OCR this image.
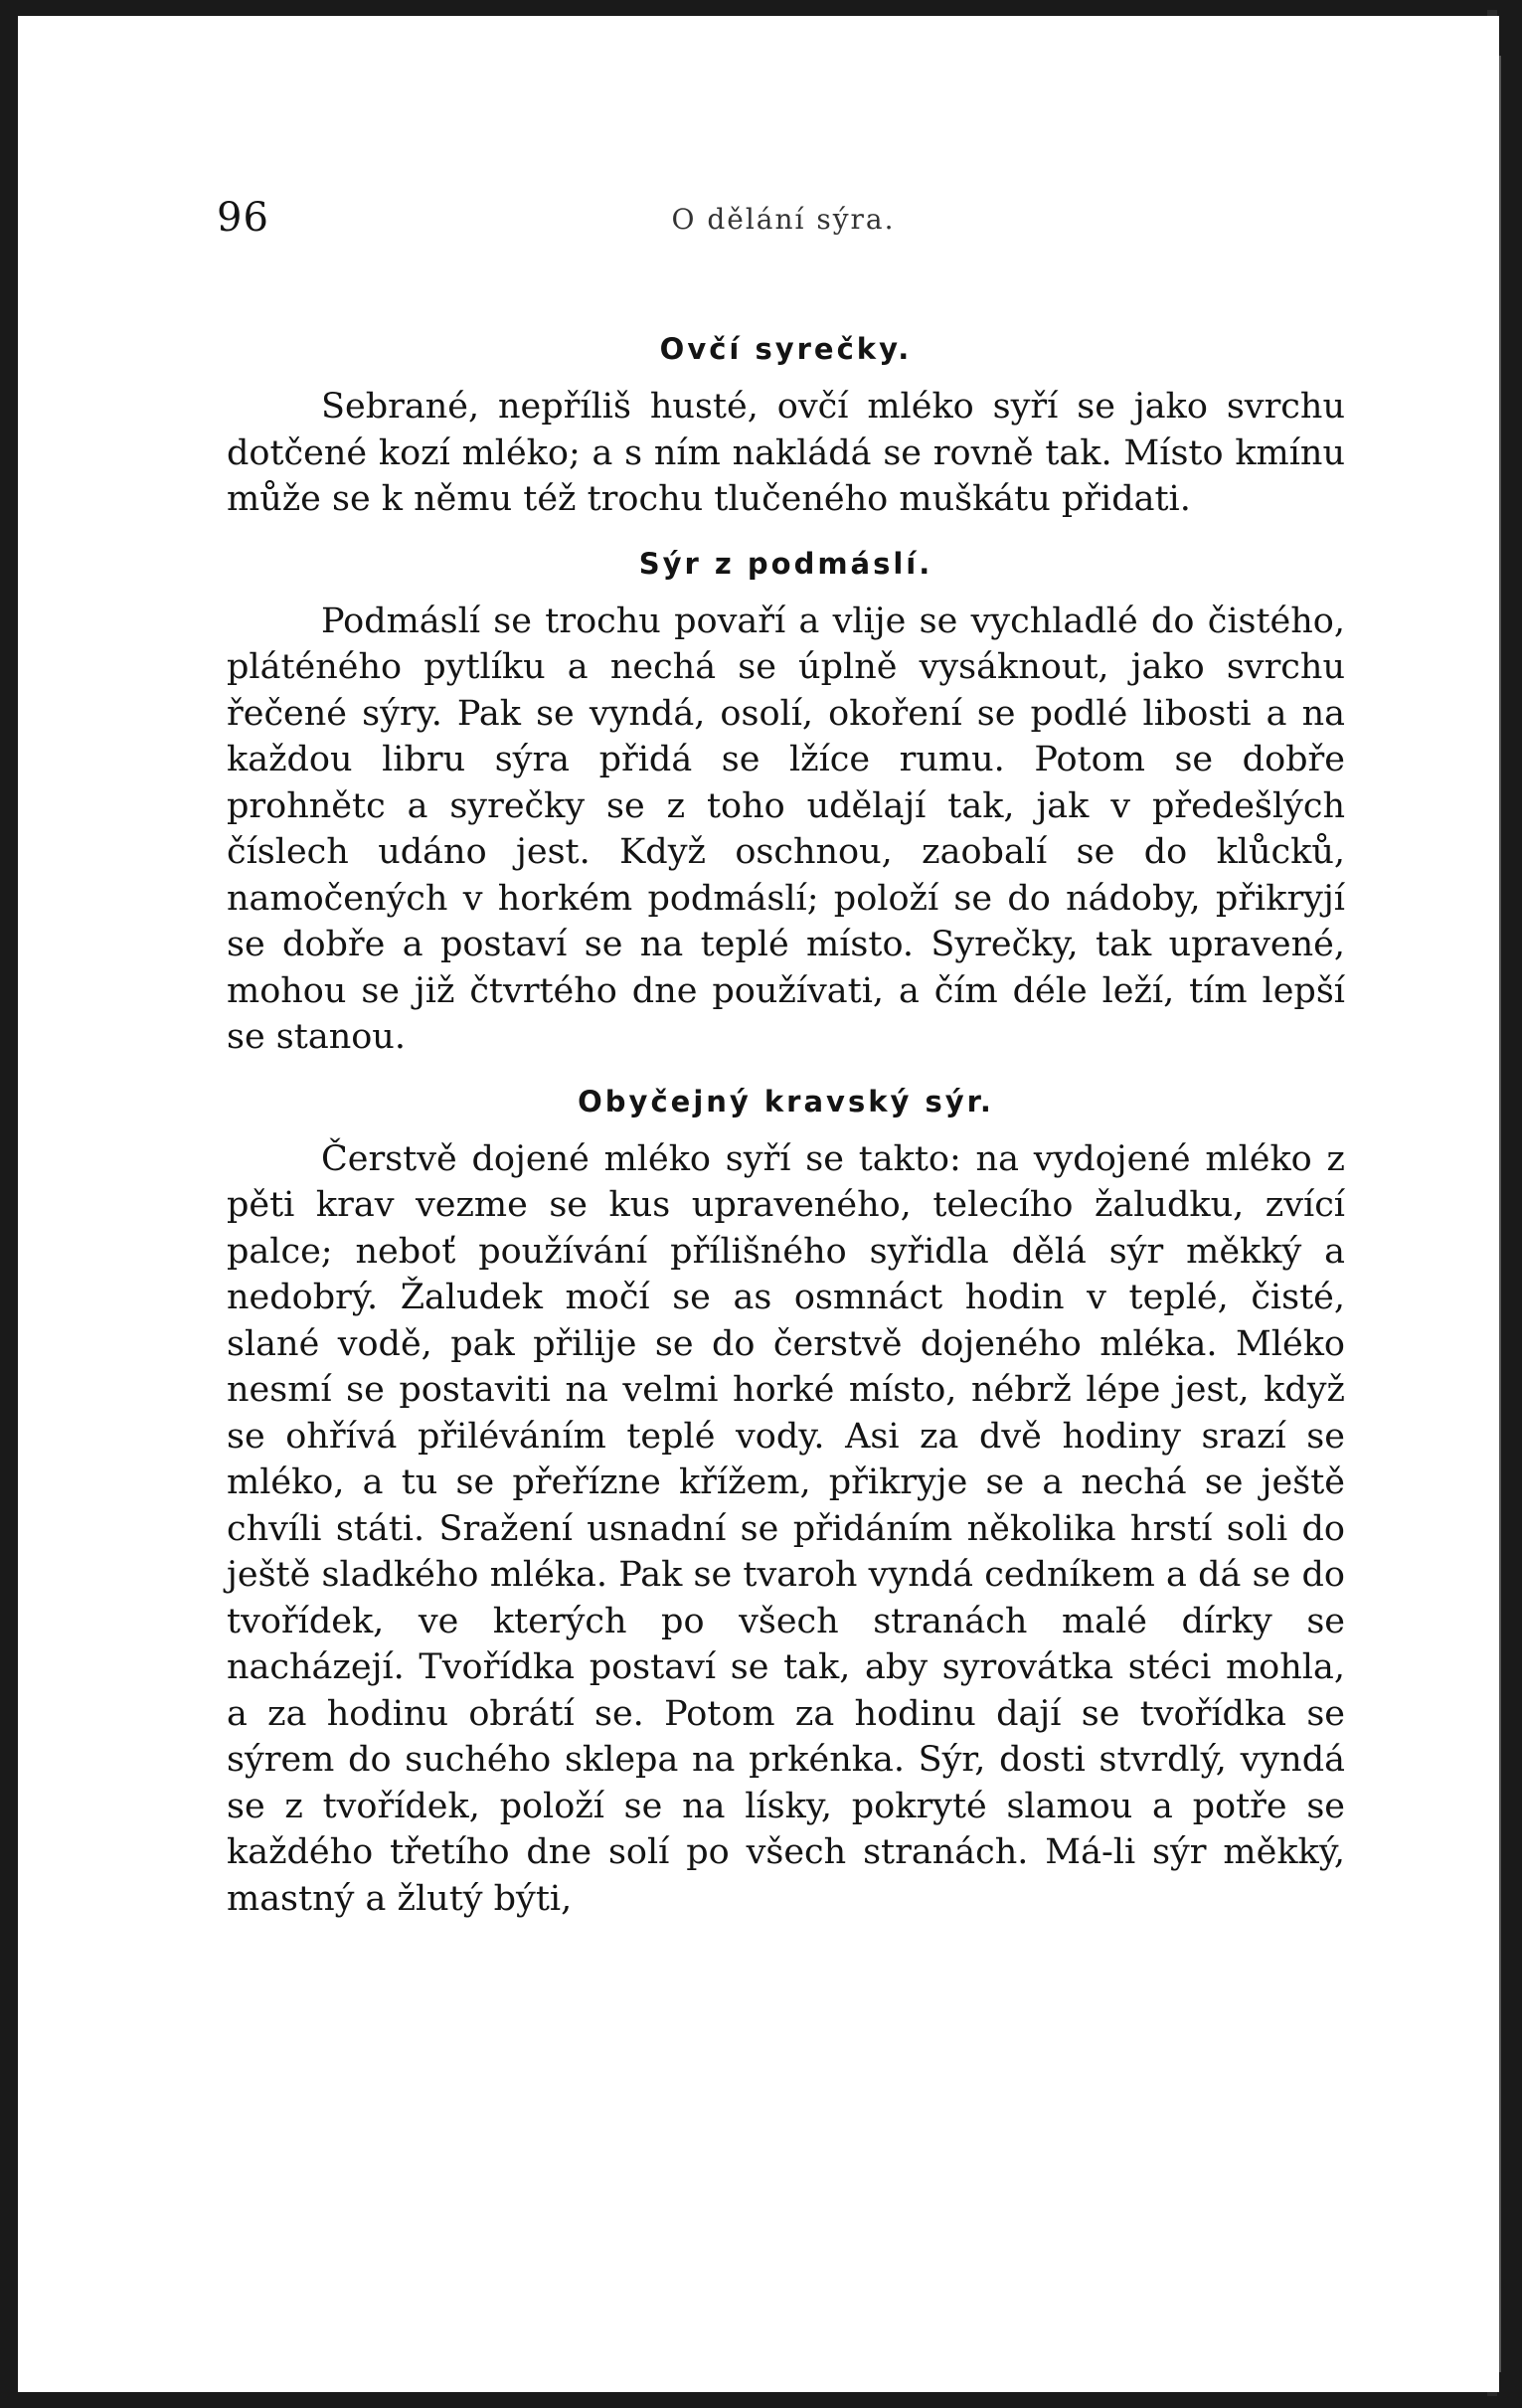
96	O dělání sýra.
Ovčí syrečky.

Sebrané, nepříliš husté, ovčí mléko syří se jako svrchu dotčené kozí mléko; a s ním nakládá se rovně tak. Místo kmínu může se k němu též trochu tlučeného muškátu přidati.

Sýr z podmáslí.

Podmáslí se trochu povaří a vlije se vychladlé do čistého, pláténého pytlíku a nechá se úplně vysáknout, jako svrchu řečené sýry. Pak se vyndá, osolí, okoření se podlé libosti a na každou libru sýra přidá se lžíce rumu. Potom se dobře prohnětc a syrečky se z toho udělají tak, jak v předešlých číslech udáno jest. Když oschnou, zaobalí se do klůcků, namočených v horkém podmáslí; položí se do nádoby, přikryjí se dobře a postaví se na teplé místo. Syrečky, tak upravené, mohou se již čtvrtého dne používati, a čím déle leží, tím lepší se stanou.

Obyčejný kravský sýr.

Čerstvě dojené mléko syří se takto: na vydojené mléko z pěti krav vezme se kus upraveného, telecího žaludku, zvící palce; neboť používání přílišného syřidla dělá sýr měkký a nedobrý. Žaludek močí se as osmnáct hodin v teplé, čisté, slané vodě, pak přilije se do čerstvě dojeného mléka. Mléko nesmí se postaviti na velmi horké místo, nébrž lépe jest, když se ohřívá přiléváním teplé vody. Asi za dvě hodiny srazí se mléko, a tu se přeřízne křížem, přikryje se a nechá se ještě chvíli státi. Sražení usnadní se přidáním několika hrstí soli do ještě sladkého mléka. Pak se tvaroh vyndá cedníkem a dá se do tvořídek, ve kterých po všech stranách malé dírky se nacházejí. Tvořídka postaví se tak, aby syrovátka stéci mohla, a za hodinu obrátí se. Potom za hodinu dají se tvořídka se sýrem do suchého sklepa na prkénka. Sýr, dosti stvrdlý, vyndá se z tvořídek, položí se na lísky, pokryté slamou a potře se každého třetího dne solí po všech stranách. Má-li sýr měkký, mastný a žlutý býti,
